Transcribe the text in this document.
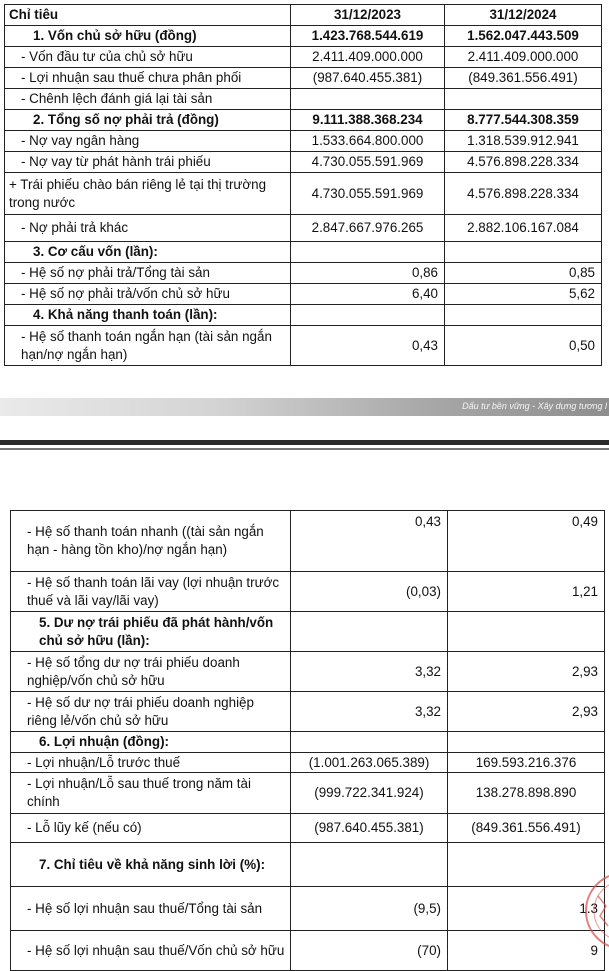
Chỉ tiêu	31/12/2023	31/12/2024
1. Vốn chủ sở hữu (đồng)	1.423.768.544.619	1.562.047.443.509
- Vốn đầu tư của chủ sở hữu	2.411.409.000.000	2.411.409.000.000
- Lợi nhuận sau thuế chưa phân phối	(987.640.455.381)	(849.361.556.491)
- Chênh lệch đánh giá lại tài sản		
2. Tổng số nợ phải trả (đồng)	9.111.388.368.234	8.777.544.308.359
- Nợ vay ngân hàng	1.533.664.800.000	1.318.539.912.941
- Nợ vay từ phát hành trái phiếu	4.730.055.591.969	4.576.898.228.334
+ Trái phiếu chào bán riêng lẻ tại thị trường trong nước	4.730.055.591.969	4.576.898.228.334
- Nợ phải trả khác	2.847.667.976.265	2.882.106.167.084
3. Cơ cấu vốn (lần):		
- Hệ số nợ phải trả/Tổng tài sản	0,86	0,85
- Hệ số nợ phải trả/vốn chủ sở hữu	6,40	5,62
4. Khả năng thanh toán (lần):		
- Hệ số thanh toán ngắn hạn (tài sản ngắn hạn/nợ ngắn hạn)	0,43	0,50
Dấu tư bền vững - Xây dựng tương l
- Hệ số thanh toán nhanh ((tài sản ngắn hạn - hàng tồn kho)/nợ ngắn hạn)	0,43	0,49
- Hệ số thanh toán lãi vay (lợi nhuận trước thuế và lãi vay/lãi vay)	(0,03)	1,21
5. Dư nợ trái phiếu đã phát hành/vốn chủ sở hữu (lần):		
- Hệ số tổng dư nợ trái phiếu doanh nghiệp/vốn chủ sở hữu	3,32	2,93
- Hệ số dư nợ trái phiếu doanh nghiệp riêng lẻ/vốn chủ sở hữu	3,32	2,93
6. Lợi nhuận (đồng):		
- Lợi nhuận/Lỗ trước thuế	(1.001.263.065.389)	169.593.216.376
- Lợi nhuận/Lỗ sau thuế trong năm tài chính	(999.722.341.924)	138.278.898.890
- Lỗ lũy kế (nếu có)	(987.640.455.381)	(849.361.556.491)
7. Chỉ tiêu về khả năng sinh lời (%):		
- Hệ số lợi nhuận sau thuế/Tổng tài sản	(9,5)	1.3
- Hệ số lợi nhuận sau thuế/Vốn chủ sở hữu	(70)	9
